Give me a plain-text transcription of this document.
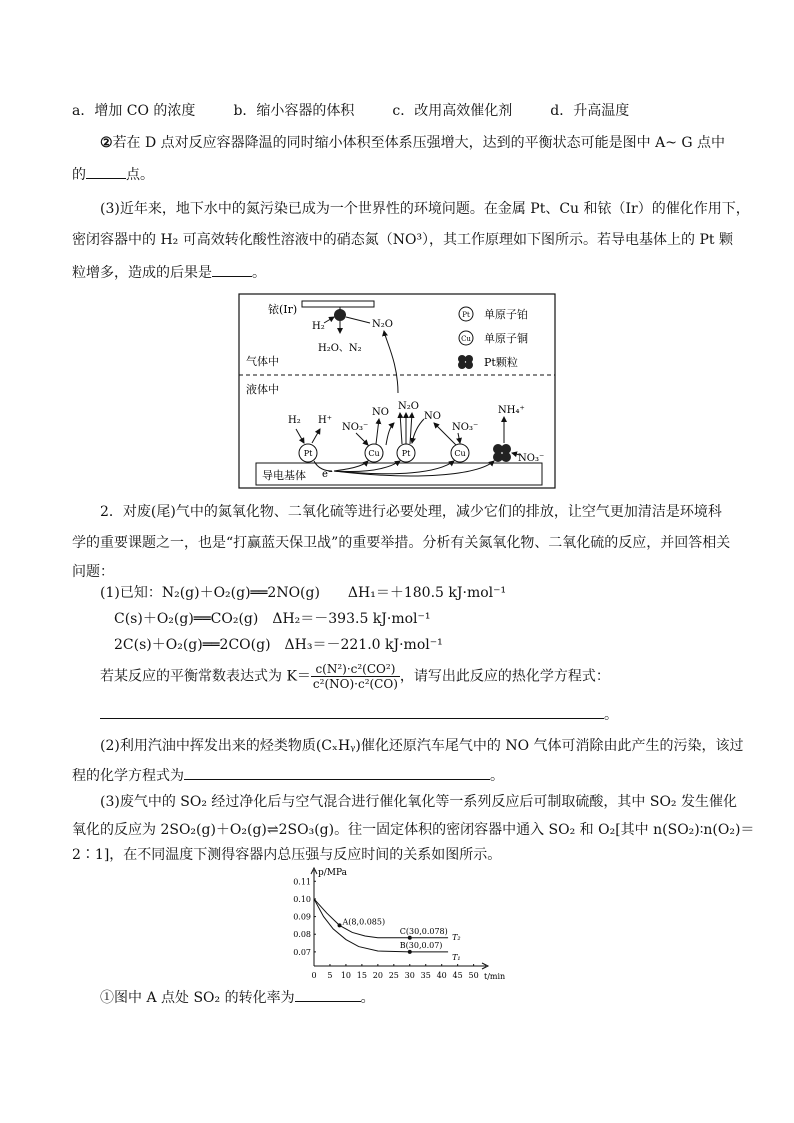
a．增加 CO 的浓度	b．缩小容器的体积	c．改用高效催化剂	d．升高温度
②若在 D 点对反应容器降温的同时缩小体积至体系压强增大，达到的平衡状态可能是图中 A~ G 点中
的	点。
(3)近年来，地下水中的氮污染已成为一个世界性的环境问题。在金属 Pt、Cu 和铱（Ir）的催化作用下，
密闭容器中的 H₂ 可高效转化酸性溶液中的硝态氮（NO³），其工作原理如下图所示。若导电基体上的 Pt 颗
粒增多，造成的后果是	。
铱(Ir)
H₂	N₂O
H₂O、N₂
气体中
液体中
Pt 单原子铂
Cu 单原子铜
Pt颗粒
导电基体 e⁻
Pt	Cu	Pt	Cu
H₂ H⁺
NO₃⁻
NO
N₂O
NO
NO₃⁻
NH₄⁺
NO₃⁻
2．对废(尾)气中的氮氧化物、二氧化硫等进行必要处理，减少它们的排放，让空气更加清洁是环境科
学的重要课题之一，也是“打赢蓝天保卫战”的重要举措。分析有关氮氧化物、二氧化硫的反应，并回答相关
问题：
(1)已知：N₂(g)＋O₂(g)══2NO(g)　　ΔH₁＝＋180.5 kJ·mol⁻¹
C(s)＋O₂(g)══CO₂(g)　ΔH₂＝－393.5 kJ·mol⁻¹
2C(s)＋O₂(g)══2CO(g)　ΔH₃＝－221.0 kJ·mol⁻¹
若某反应的平衡常数表达式为 $K= \frac{\text{c(N²)·c²(CO²)}}{\text{c²(NO)·c²(CO)}}$ ，请写出此反应的热化学方程式：
。
(2)利用汽油中挥发出来的烃类物质(CₓHᵧ)催化还原汽车尾气中的 NO 气体可消除由此产生的污染，该过
程的化学方程式为	。
(3)废气中的 SO₂ 经过净化后与空气混合进行催化氧化等一系列反应后可制取硫酸，其中 SO₂ 发生催化
氧化的反应为 2SO₂(g)＋O₂(g)⇌2SO₃(g)。往一固定体积的密闭容器中通入 SO₂ 和 O₂[其中 n(SO₂)∶n(O₂)＝
2∶1]，在不同温度下测得容器内总压强与反应时间的关系如图所示。
p/MPa
t/min
0 5 10 15 20 25 30 35 40 45 50
0.07
0.08
0.09
0.10
0.11
T₂
T₁
A(8,0.085)
C(30,0.078)
B(30,0.07)
①图中 A 点处 SO₂ 的转化率为	。
